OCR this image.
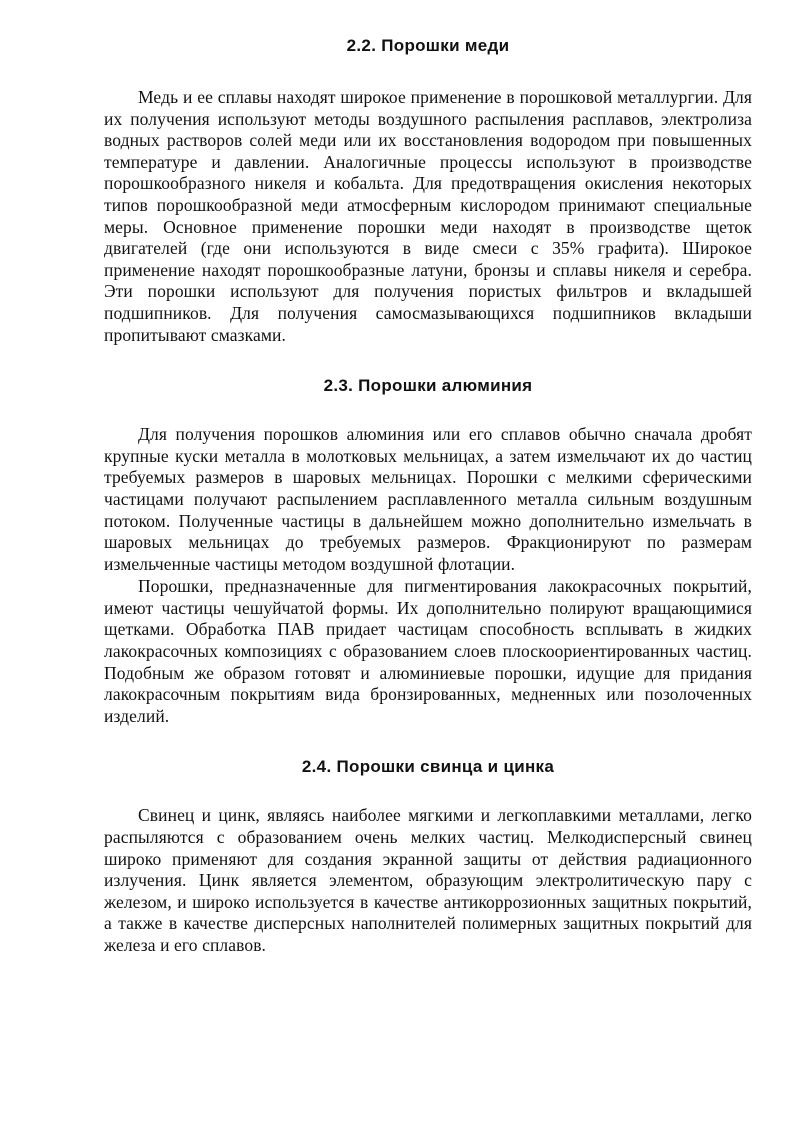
2.2. Порошки меди

Медь и ее сплавы находят широкое применение в порошковой металлургии. Для их получения используют методы воздушного распыления расплавов, электролиза водных растворов солей меди или их восстановления водородом при повышенных температуре и давлении. Аналогичные процессы используют в производстве порошкообразного никеля и кобальта. Для предотвращения окисления некоторых типов порошкообразной меди атмосферным кислородом принимают специальные меры. Основное применение порошки меди находят в производстве щеток двигателей (где они используются в виде смеси с 35% графита). Широкое применение находят порошкообразные латуни, бронзы и сплавы никеля и серебра. Эти порошки используют для получения пористых фильтров и вкладышей подшипников. Для получения самосмазывающихся подшипников вкладыши пропитывают смазками.

2.3. Порошки алюминия

Для получения порошков алюминия или его сплавов обычно сначала дробят крупные куски металла в молотковых мельницах, а затем измельчают их до частиц требуемых размеров в шаровых мельницах. Порошки с мелкими сферическими частицами получают распылением расплавленного металла сильным воздушным потоком. Полученные частицы в дальнейшем можно дополнительно измельчать в шаровых мельницах до требуемых размеров. Фракционируют по размерам измельченные частицы методом воздушной флотации.

Порошки, предназначенные для пигментирования лакокрасочных покрытий, имеют частицы чешуйчатой формы. Их дополнительно полируют вращающимися щетками. Обработка ПАВ придает частицам способность всплывать в жидких лакокрасочных композициях с образованием слоев плоскоориентированных частиц. Подобным же образом готовят и алюминиевые порошки, идущие для придания лакокрасочным покрытиям вида бронзированных, медненных или позолоченных изделий.

2.4. Порошки свинца и цинка

Свинец и цинк, являясь наиболее мягкими и легкоплавкими металлами, легко распыляются с образованием очень мелких частиц. Мелкодисперсный свинец широко применяют для создания экранной защиты от действия радиационного излучения. Цинк является элементом, образующим электролитическую пару с железом, и широко используется в качестве антикоррозионных защитных покрытий, а также в качестве дисперсных наполнителей полимерных защитных покрытий для железа и его сплавов.
